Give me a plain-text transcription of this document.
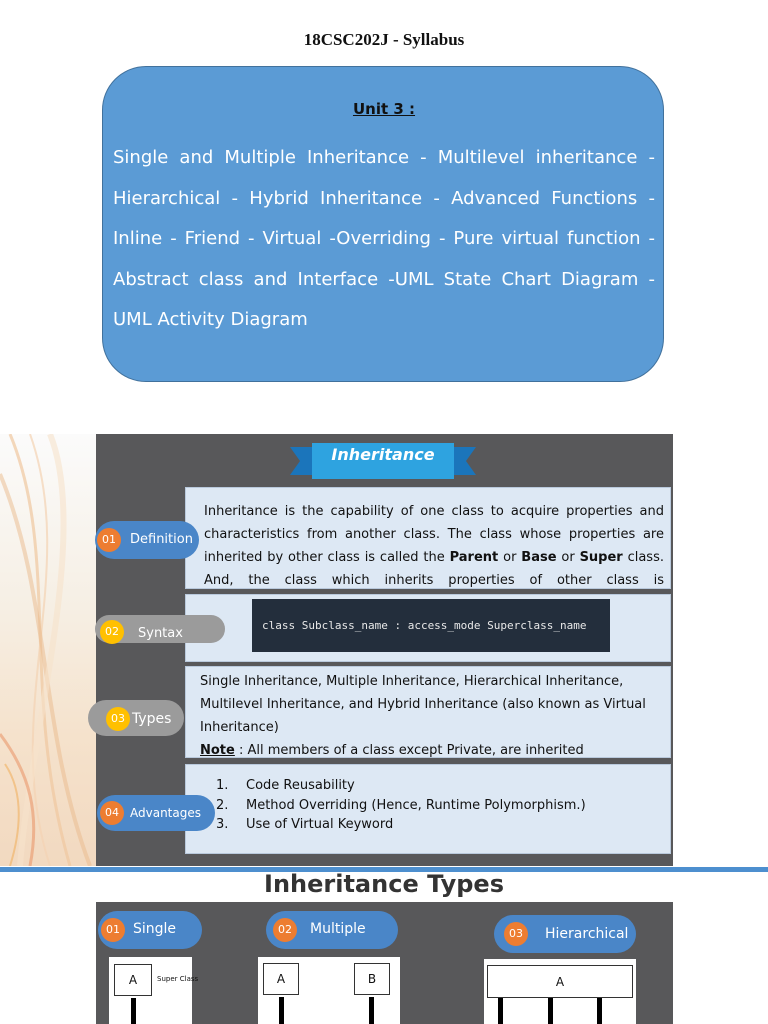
18CSC202J - Syllabus
Unit 3 :
Single and Multiple Inheritance - Multilevel inheritance -
Hierarchical - Hybrid Inheritance - Advanced Functions -
Inline - Friend - Virtual -Overriding - Pure virtual function -
Abstract class and Interface -UML State Chart Diagram -
UML Activity Diagram
Inheritance
Inheritance is the capability of one class to acquire properties and
characteristics from another class. The class whose properties are
inherited by other class is called the Parent or Base or Super class.
And, the class which inherits properties of other class is
Definition
01
class Subclass_name : access_mode Superclass_name
Syntax
02
Single Inheritance, Multiple Inheritance, Hierarchical Inheritance,
Multilevel Inheritance, and Hybrid Inheritance (also known as Virtual
Inheritance)
Note : All members of a class except Private, are inherited
Types
03
1. Code Reusability
2. Method Overriding (Hence, Runtime Polymorphism.)
3. Use of Virtual Keyword
Advantages
04
Inheritance Types
Single
01	Multiple
02	Hierarchical
03
A	Super Class	A	B	A
